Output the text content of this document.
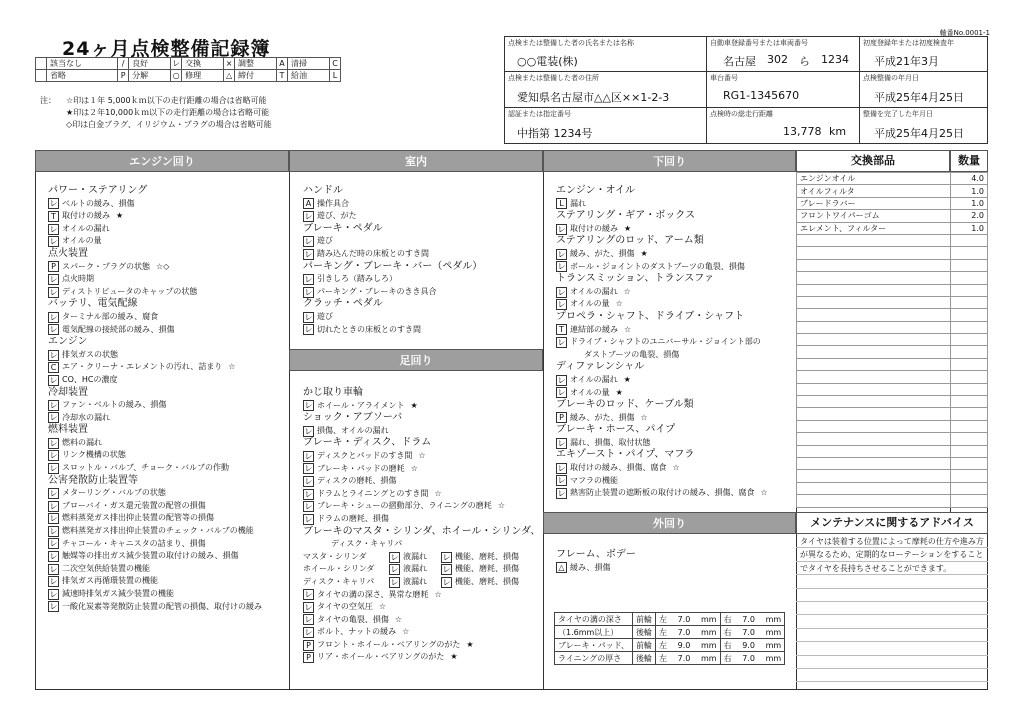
24ヶ月点検整備記録簿
軸番No.0001-1
	該当なし	/	良好	レ	交換	×	調整	A	清掃	C
	省略	P	分解	○	修理	△	締付	T	給油	L
注：	☆印は１年 5,000ｋｍ以下の走行距離の場合は省略可能
★印は２年10,000ｋｍ以下の走行距離の場合は省略可能
◇印は白金プラグ、イリジウム・プラグの場合は省略可能
点検または整備した者の氏名または名称
○○電装(株)
自動車登録番号または車両番号
名古屋 302 ら 1234
初度登録年または初度検査年
平成21年3月
点検または整備した者の住所
愛知県名古屋市△△区××1-2-3
車台番号
RG1-1345670
点検整備の年月日
平成25年4月25日
認証または指定番号
中指第 1234号
点検時の総走行距離
13,778 km
整備を完了した年月日
平成25年4月25日
エンジン回り	室内	下回り	交換部品	数量
足回り
外回り	メンテナンスに関するアドバイス
パワー・ステアリング
レ ベルトの緩み、損傷
T 取付けの緩み ★
レ オイルの漏れ
レ オイルの量
点火装置
P スパーク・プラグの状態 ☆◇
レ 点火時期
レ ディストリビュータのキャップの状態
バッテリ、電気配線
レ ターミナル部の緩み、腐食
レ 電気配線の接続部の緩み、損傷
エンジン
レ 排気ガスの状態
C エア・クリーナ・エレメントの汚れ、詰まり ☆
レ CO、HCの濃度
冷却装置
レ ファン・ベルトの緩み、損傷
レ 冷却水の漏れ
燃料装置
レ 燃料の漏れ
レ リンク機構の状態
レ スロットル・バルブ、チョーク・バルブの作動
公害発散防止装置等
レ メターリング・バルブの状態
レ ブローバイ・ガス還元装置の配管の損傷
レ 燃料蒸発ガス排出抑止装置の配管等の損傷
レ 燃料蒸発ガス排出抑止装置のチェック・バルブの機能
レ チャコール・キャニスタの詰まり、損傷
レ 触媒等の排出ガス減少装置の取付けの緩み、損傷
レ 二次空気供給装置の機能
レ 排気ガス再循環装置の機能
レ 減速時排気ガス減少装置の機能
レ 一酸化炭素等発散防止装置の配管の損傷、取付けの緩み
ハンドル
A 操作具合
レ 遊び、がた
ブレーキ・ペダル
レ 遊び
レ 踏み込んだ時の床板とのすき間
パーキング・ブレーキ・バー（ペダル）
レ 引きしろ（踏みしろ）
レ パーキング・ブレーキのきき具合
クラッチ・ペダル
レ 遊び
レ 切れたときの床板とのすき間
かじ取り車輪
レ ホイール・アライメント ★
ショック・アブソーバ
レ 損傷、オイルの漏れ
ブレーキ・ディスク、ドラム
レ ディスクとパッドのすき間 ☆
レ ブレーキ・パッドの磨耗 ☆
レ ディスクの磨耗、損傷
レ ドラムとライニングとのすき間 ☆
レ ブレーキ・シューの摺動部分、ライニングの磨耗 ☆
レ ドラムの磨耗、損傷
ブレーキのマスタ・シリンダ、ホイール・シリンダ、
ディスク・キャリパ
マスタ・シリンダ	レ 液漏れ	レ 機能、磨耗、損傷
ホイール・シリンダ	レ 液漏れ	レ 機能、磨耗、損傷
ディスク・キャリパ	レ 液漏れ	レ 機能、磨耗、損傷
レ タイヤの溝の深さ、異常な磨耗 ☆
レ タイヤの空気圧 ☆
レ タイヤの亀裂、損傷 ☆
レ ボルト、ナットの緩み ☆
P フロント・ホイール・ベアリングのがた ★
P リア・ホイール・ベアリングのがた ★
エンジン・オイル
L 漏れ
ステアリング・ギア・ボックス
レ 取付けの緩み ★
ステアリングのロッド、アーム類
レ 緩み、がた、損傷 ★
レ ボール・ジョイントのダストブーツの亀裂、損傷
トランスミッション、トランスファ
レ オイルの漏れ ☆
レ オイルの量 ☆
プロペラ・シャフト、ドライブ・シャフト
T 連結部の緩み ☆
レ ドライブ・シャフトのユニバーサル・ジョイント部の
ダストブーツの亀裂、損傷
ディファレンシャル
レ オイルの漏れ ★
レ オイルの量 ★
ブレーキのロッド、ケーブル類
P 緩み、がた、損傷 ☆
ブレーキ・ホース、パイプ
レ 漏れ、損傷、取付状態
エキゾースト・パイプ、マフラ
レ 取付けの緩み、損傷、腐食 ☆
レ マフラの機能
レ 熱害防止装置の遮断板の取付けの緩み、損傷、腐食 ☆
フレーム、ボデー
△ 緩み、損傷
タイヤの溝の深さ	前輪	左	7.0	mm	右	7.0	mm
（1.6mm以上）	後輪	左	7.0	mm	右	7.0	mm
ブレーキ・パッド、	前輪	左	9.0	mm	右	9.0	mm
ライニングの厚さ	後輪	左	7.0	mm	右	7.0	mm
エンジンオイル	4.0
オイルフィルタ	1.0
ブレードラバー	1.0
フロントワイパーゴム	2.0
エレメント、フィルター	1.0

タイヤは装着する位置によって摩耗の仕方や進み方が異なるため、定期的なローテーションをすることでタイヤを長持ちさせることができます。
